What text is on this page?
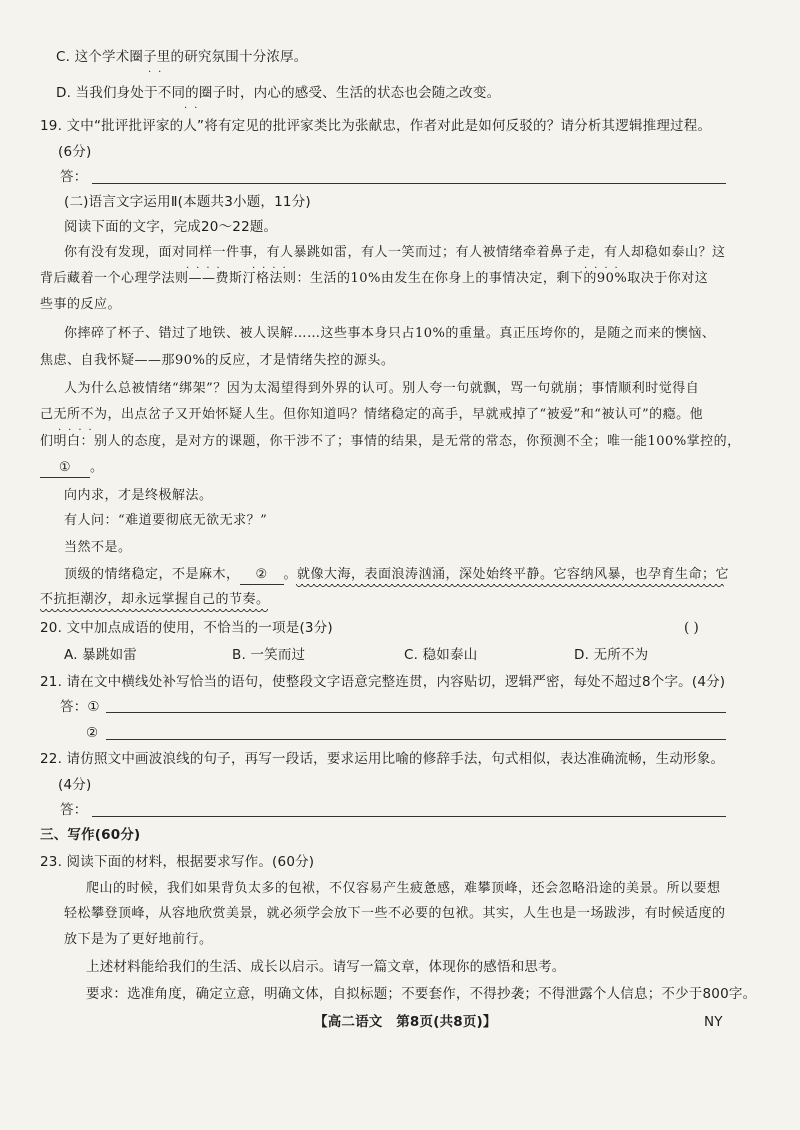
C. 这个学术圈子里的研究氛围十分浓厚。
..
D. 当我们身处于不同的圈子时，内心的感受、生活的状态也会随之改变。
..
19. 文中“批评批评家的人”将有定见的批评家类比为张献忠，作者对此是如何反驳的？请分析其逻辑推理过程。
(6分)
答：
(二)语言文字运用Ⅱ(本题共3小题，11分)
阅读下面的文字，完成20～22题。
你有没有发现，面对同样一件事，有人暴跳如雷，有人一笑而过；有人被情绪牵着鼻子走，有人却稳如泰山？这
....	....	....
背后藏着一个心理学法则——费斯汀格法则：生活的10%由发生在你身上的事情决定，剩下的90%取决于你对这
些事的反应。
你摔碎了杯子、错过了地铁、被人误解……这些事本身只占10%的重量。真正压垮你的，是随之而来的懊恼、
焦虑、自我怀疑——那90%的反应，才是情绪失控的源头。
人为什么总被情绪“绑架”？因为太渴望得到外界的认可。别人夸一句就飘，骂一句就崩；事情顺利时觉得自
己无所不为，出点岔子又开始怀疑人生。但你知道吗？情绪稳定的高手，早就戒掉了“被爱”和“被认可”的瘾。他
....
们明白：别人的态度，是对方的课题，你干涉不了；事情的结果，是无常的常态，你预测不全；唯一能100%掌控的，
① 。
向内求，才是终极解法。
有人问：“难道要彻底无欲无求？”
当然不是。
顶级的情绪稳定，不是麻木， ② 。就像大海，表面浪涛汹涌，深处始终平静。它容纳风暴，也孕育生命；它
不抗拒潮汐，却永远掌握自己的节奏。
20. 文中加点成语的使用，不恰当的一项是(3分)	( )
A. 暴跳如雷	B. 一笑而过	C. 稳如泰山	D. 无所不为
21. 请在文中横线处补写恰当的语句，使整段文字语意完整连贯，内容贴切，逻辑严密，每处不超过8个字。(4分)
答：①
②
22. 请仿照文中画波浪线的句子，再写一段话，要求运用比喻的修辞手法，句式相似，表达准确流畅，生动形象。
(4分)
答：
三、写作(60分)
23. 阅读下面的材料，根据要求写作。(60分)
爬山的时候，我们如果背负太多的包袱，不仅容易产生疲惫感，难攀顶峰，还会忽略沿途的美景。所以要想
轻松攀登顶峰，从容地欣赏美景，就必须学会放下一些不必要的包袱。其实，人生也是一场跋涉，有时候适度的
放下是为了更好地前行。
上述材料能给我们的生活、成长以启示。请写一篇文章，体现你的感悟和思考。
要求：选准角度，确定立意，明确文体，自拟标题；不要套作，不得抄袭；不得泄露个人信息；不少于800字。
【高二语文　第8页(共8页)】	NY
